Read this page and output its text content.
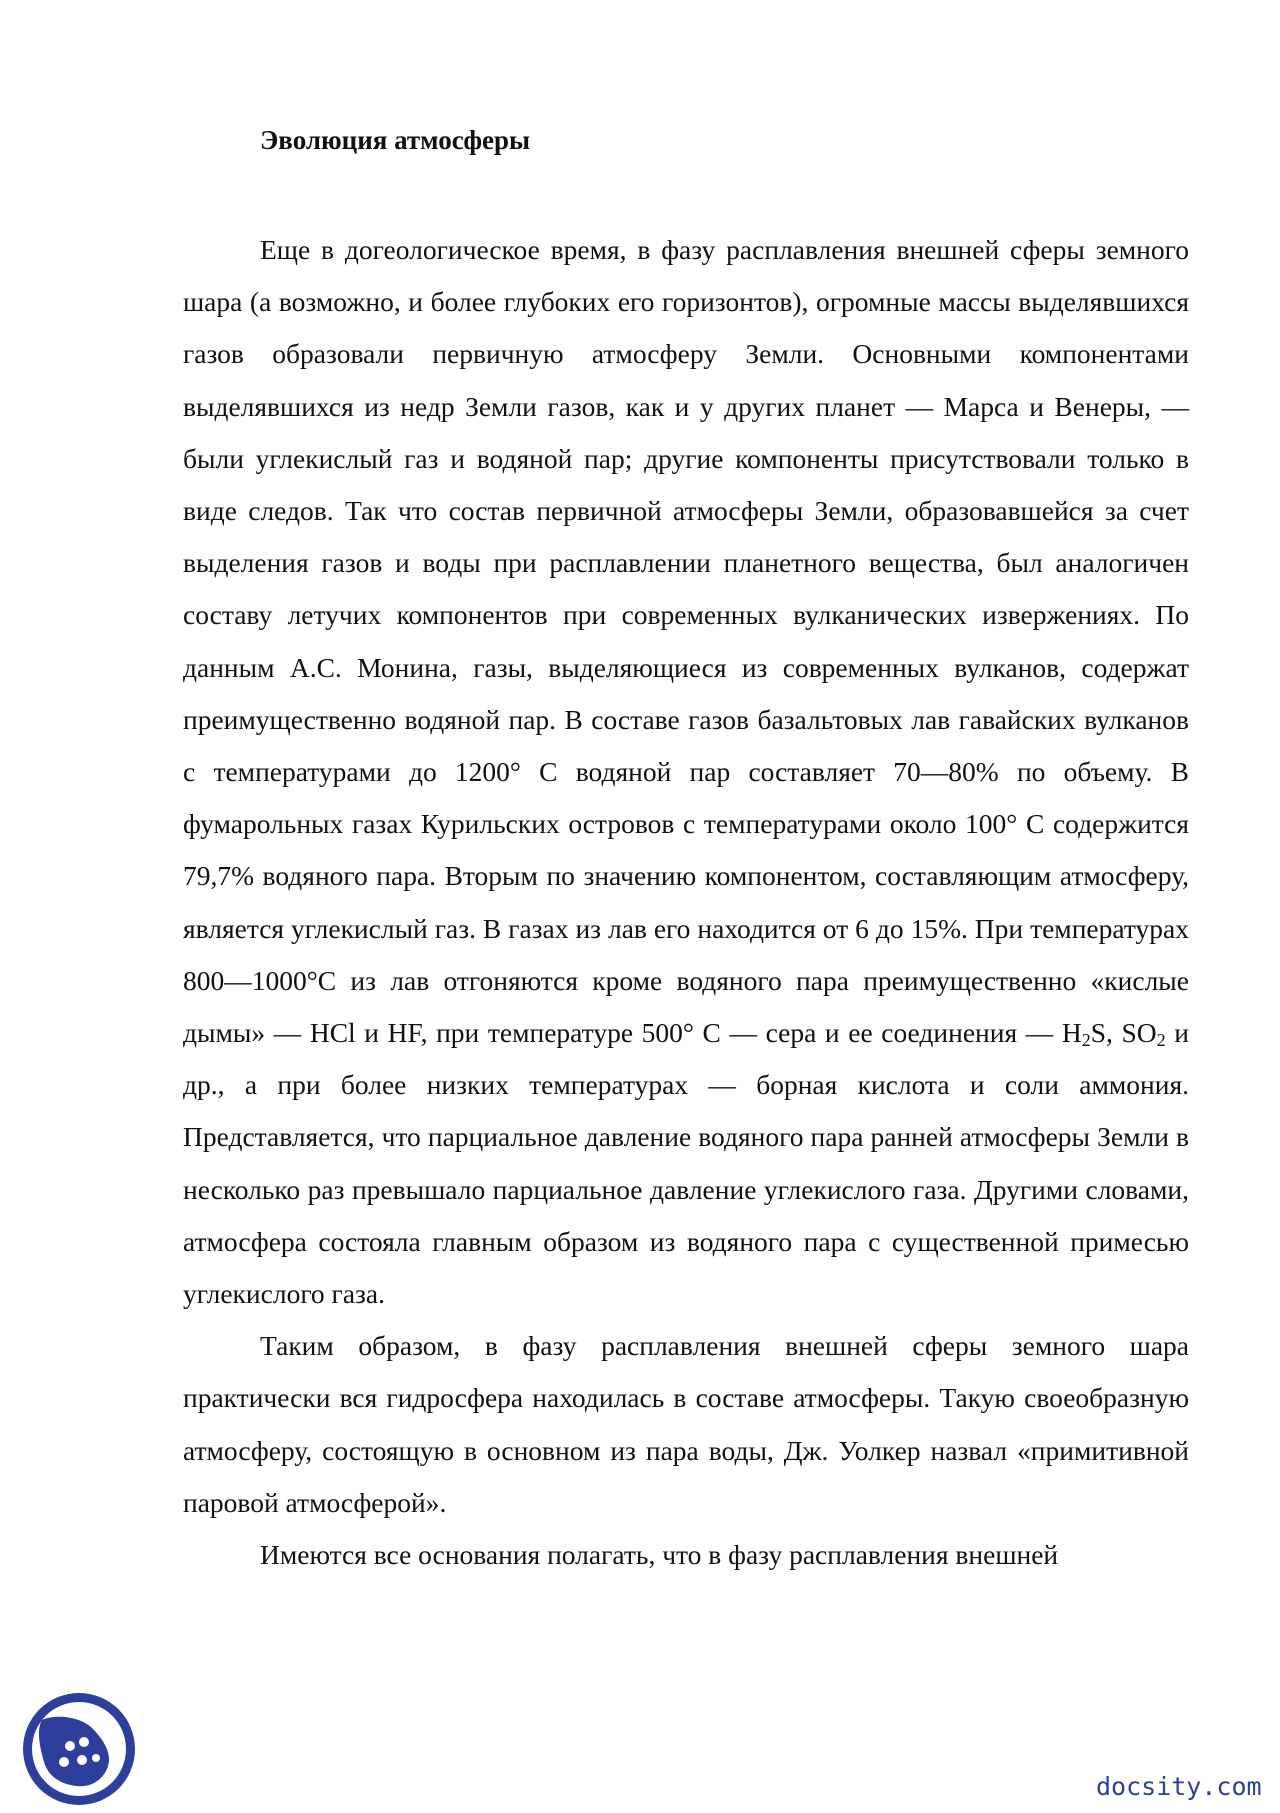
Эволюция атмосферы

Еще в догеологическое время, в фазу расплавления внешней сферы земного шара (а возможно, и более глубоких его горизонтов), огромные массы выделявшихся газов образовали первичную атмосферу Земли. Основными компонентами выделявшихся из недр Земли газов, как и у других планет — Марса и Венеры, — были углекислый газ и водяной пар; другие компоненты присутствовали только в виде следов. Так что состав первичной атмосферы Земли, образовавшейся за счет выделения газов и воды при расплавлении планетного вещества, был аналогичен составу летучих компонентов при современных вулканических извержениях. По данным А.С. Монина, газы, выделяющиеся из современных вулканов, содержат преимущественно водяной пар. В составе газов базальтовых лав гавайских вулканов с температурами до 1200° С водяной пар составляет 70—80% по объему. В фумарольных газах Курильских островов с температурами около 100° С содержится 79,7% водяного пара. Вторым по значению компонентом, составляющим атмосферу, является углекислый газ. В газах из лав его находится от 6 до 15%. При температурах 800—1000°С из лав отгоняются кроме водяного пара преимущественно «кислые дымы» — HCl и HF, при температуре 500° С — сера и ее соединения — $H_2S$, $SO_2$ и др., а при более низких температурах — борная кислота и соли аммония. Представляется, что парциальное давление водяного пара ранней атмосферы Земли в несколько раз превышало парциальное давление углекислого газа. Другими словами, атмосфера состояла главным образом из водяного пара с существенной примесью углекислого газа.

Таким образом, в фазу расплавления внешней сферы земного шара практически вся гидросфера находилась в составе атмосферы. Такую своеобразную атмосферу, состоящую в основном из пара воды, Дж. Уолкер назвал «примитивной паровой атмосферой».

Имеются все основания полагать, что в фазу расплавления внешней

docsity.com
